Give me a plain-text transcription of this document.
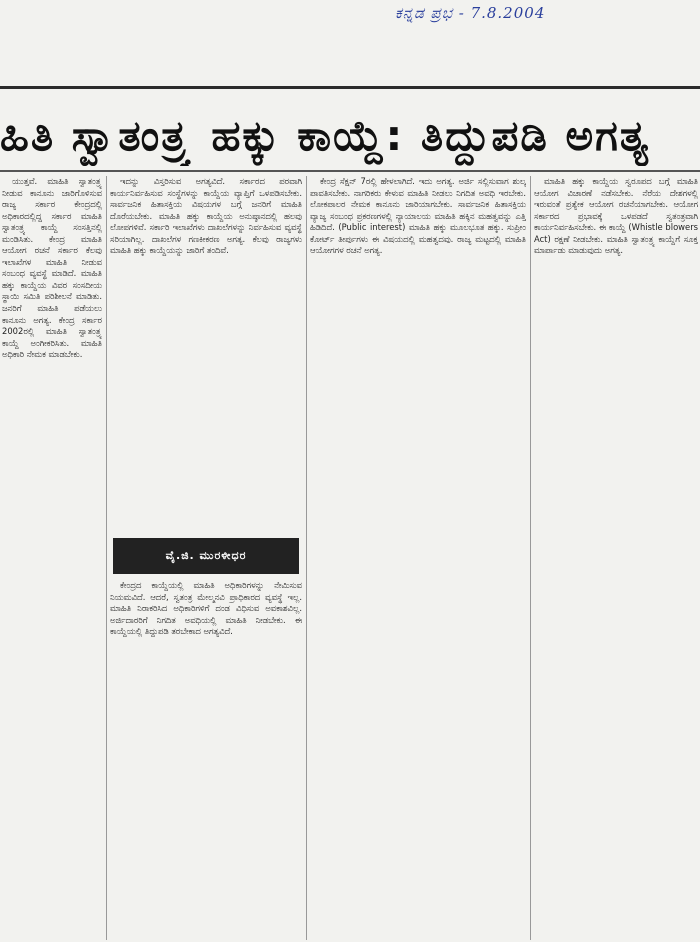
ಕನ್ನಡ ಪ್ರಭ - 7.8.2004
ಹಿತಿ ಸ್ವಾತಂತ್ರ್ಯ ಹಕ್ಕು ಕಾಯ್ದೆ: ತಿದ್ದುಪಡಿ ಅಗತ್ಯ

ಯುತ್ತವೆ. ಮಾಹಿತಿ ಸ್ವಾತಂತ್ರ್ಯ ನೀಡುವ ಕಾನೂನು ಜಾರಿಗೊಳಿಸುವ ರಾಜ್ಯ ಸರ್ಕಾರ ಕೇಂದ್ರದಲ್ಲಿ ಅಧಿಕಾರದಲ್ಲಿದ್ದ ಸರ್ಕಾರ ಮಾಹಿತಿ ಸ್ವಾತಂತ್ರ್ಯ ಕಾಯ್ದೆ ಸಂಸತ್ತಿನಲ್ಲಿ ಮಂಡಿಸಿತು. ಕೇಂದ್ರ ಮಾಹಿತಿ ಆಯೋಗ ರಚನೆ ಸರ್ಕಾರ ಕೆಲವು ಇಲಾಖೆಗಳ ಮಾಹಿತಿ ನೀಡುವ ಸಂಬಂಧ ವ್ಯವಸ್ಥೆ ಮಾಡಿದೆ. ಮಾಹಿತಿ ಹಕ್ಕು ಕಾಯ್ದೆಯ ವಿವರ ಸಂಸದೀಯ ಸ್ಥಾಯಿ ಸಮಿತಿ ಪರಿಶೀಲನೆ ಮಾಡಿತು. ಜನರಿಗೆ ಮಾಹಿತಿ ಪಡೆಯಲು ಕಾನೂನು ಅಗತ್ಯ. ಕೇಂದ್ರ ಸರ್ಕಾರ 2002ರಲ್ಲಿ ಮಾಹಿತಿ ಸ್ವಾತಂತ್ರ್ಯ ಕಾಯ್ದೆ ಅಂಗೀಕರಿಸಿತು. ಮಾಹಿತಿ ಅಧಿಕಾರಿ ನೇಮಕ ಮಾಡಬೇಕು.

ಇದನ್ನು ವಿಸ್ತರಿಸುವ ಅಗತ್ಯವಿದೆ. ಸರ್ಕಾರದ ಪರವಾಗಿ ಕಾರ್ಯನಿರ್ವಹಿಸುವ ಸಂಸ್ಥೆಗಳನ್ನು ಕಾಯ್ದೆಯ ವ್ಯಾಪ್ತಿಗೆ ಒಳಪಡಿಸಬೇಕು. ಸಾರ್ವಜನಿಕ ಹಿತಾಸಕ್ತಿಯ ವಿಷಯಗಳ ಬಗ್ಗೆ ಜನರಿಗೆ ಮಾಹಿತಿ ದೊರೆಯಬೇಕು. ಮಾಹಿತಿ ಹಕ್ಕು ಕಾಯ್ದೆಯ ಅನುಷ್ಠಾನದಲ್ಲಿ ಹಲವು ಲೋಪಗಳಿವೆ. ಸರ್ಕಾರಿ ಇಲಾಖೆಗಳು ದಾಖಲೆಗಳನ್ನು ನಿರ್ವಹಿಸುವ ವ್ಯವಸ್ಥೆ ಸರಿಯಾಗಿಲ್ಲ. ದಾಖಲೆಗಳ ಗಣಕೀಕರಣ ಅಗತ್ಯ. ಕೆಲವು ರಾಜ್ಯಗಳು ಮಾಹಿತಿ ಹಕ್ಕು ಕಾಯ್ದೆಯನ್ನು ಜಾರಿಗೆ ತಂದಿವೆ.

ವೈ.ಜಿ. ಮುರಳೀಧರ

ಕೇಂದ್ರದ ಕಾಯ್ದೆಯಲ್ಲಿ ಮಾಹಿತಿ ಅಧಿಕಾರಿಗಳನ್ನು ನೇಮಿಸುವ ನಿಯಮವಿದೆ. ಆದರೆ, ಸ್ವತಂತ್ರ ಮೇಲ್ಮನವಿ ಪ್ರಾಧಿಕಾರದ ವ್ಯವಸ್ಥೆ ಇಲ್ಲ. ಮಾಹಿತಿ ನಿರಾಕರಿಸಿದ ಅಧಿಕಾರಿಗಳಿಗೆ ದಂಡ ವಿಧಿಸುವ ಅವಕಾಶವಿಲ್ಲ. ಅರ್ಜಿದಾರರಿಗೆ ನಿಗದಿತ ಅವಧಿಯಲ್ಲಿ ಮಾಹಿತಿ ನೀಡಬೇಕು. ಈ ಕಾಯ್ದೆಯಲ್ಲಿ ತಿದ್ದುಪಡಿ ತರಬೇಕಾದ ಅಗತ್ಯವಿದೆ.

ಕೇಂದ್ರ ಸೆಕ್ಷನ್ 7ರಲ್ಲಿ ಹೇಳಲಾಗಿದೆ. ಇದು ಅಗತ್ಯ. ಅರ್ಜಿ ಸಲ್ಲಿಸುವಾಗ ಶುಲ್ಕ ಪಾವತಿಸಬೇಕು. ನಾಗರಿಕರು ಕೇಳುವ ಮಾಹಿತಿ ನೀಡಲು ನಿಗದಿತ ಅವಧಿ ಇರಬೇಕು. ಲೋಕಪಾಲರ ನೇಮಕ ಕಾನೂನು ಜಾರಿಯಾಗಬೇಕು. ಸಾರ್ವಜನಿಕ ಹಿತಾಸಕ್ತಿಯ ವ್ಯಾಜ್ಯ ಸಂಬಂಧ ಪ್ರಕರಣಗಳಲ್ಲಿ ನ್ಯಾಯಾಲಯ ಮಾಹಿತಿ ಹಕ್ಕಿನ ಮಹತ್ವವನ್ನು ಎತ್ತಿ ಹಿಡಿದಿದೆ. (Public interest) ಮಾಹಿತಿ ಹಕ್ಕು ಮೂಲಭೂತ ಹಕ್ಕು. ಸುಪ್ರೀಂ ಕೋರ್ಟ್ ತೀರ್ಪುಗಳು ಈ ವಿಷಯದಲ್ಲಿ ಮಹತ್ವದವು. ರಾಜ್ಯ ಮಟ್ಟದಲ್ಲಿ ಮಾಹಿತಿ ಆಯೋಗಗಳ ರಚನೆ ಅಗತ್ಯ.

ಮಾಹಿತಿ ಹಕ್ಕು ಕಾಯ್ದೆಯ ಸ್ವರೂಪದ ಬಗ್ಗೆ ಮಾಹಿತಿ ಆಯೋಗ ವಿಚಾರಣೆ ನಡೆಸಬೇಕು. ನೆರೆಯ ದೇಶಗಳಲ್ಲಿ ಇರುವಂತೆ ಪ್ರತ್ಯೇಕ ಆಯೋಗ ರಚನೆಯಾಗಬೇಕು. ಆಯೋಗ ಸರ್ಕಾರದ ಪ್ರಭಾವಕ್ಕೆ ಒಳಪಡದೆ ಸ್ವತಂತ್ರವಾಗಿ ಕಾರ್ಯನಿರ್ವಹಿಸಬೇಕು. ಈ ಕಾಯ್ದೆ (Whistle blowers Act) ರಕ್ಷಣೆ ನೀಡಬೇಕು. ಮಾಹಿತಿ ಸ್ವಾತಂತ್ರ್ಯ ಕಾಯ್ದೆಗೆ ಸೂಕ್ತ ಮಾರ್ಪಾಡು ಮಾಡುವುದು ಅಗತ್ಯ.
